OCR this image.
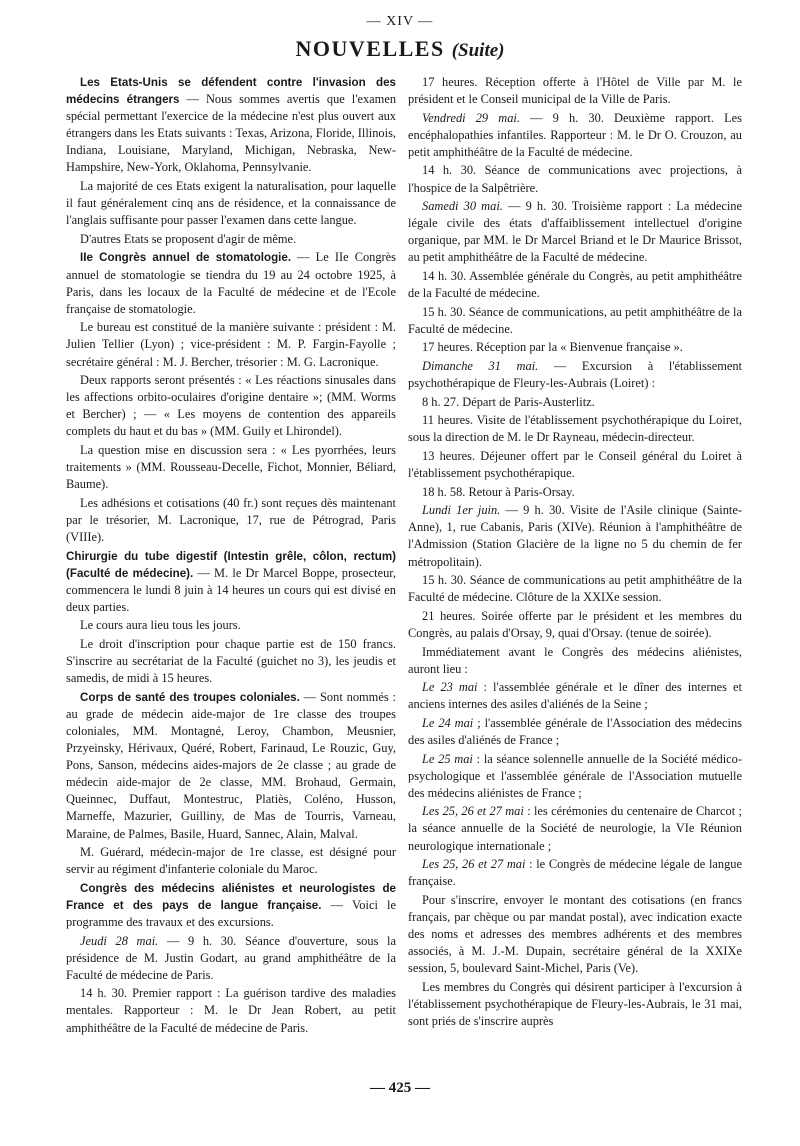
— XIV —
NOUVELLES (Suite)

Les Etats-Unis se défendent contre l'invasion des médecins étrangers — Nous sommes avertis que l'examen spécial permettant l'exercice de la médecine n'est plus ouvert aux étrangers dans les Etats suivants : Texas, Arizona, Floride, Illinois, Indiana, Louisiane, Maryland, Michigan, Nebraska, New-Hampshire, New-York, Oklahoma, Pennsylvanie.

La majorité de ces Etats exigent la naturalisation, pour laquelle il faut généralement cinq ans de résidence, et la connaissance de l'anglais suffisante pour passer l'examen dans cette langue.

D'autres Etats se proposent d'agir de même.

IIe Congrès annuel de stomatologie. — Le IIe Congrès annuel de stomatologie se tiendra du 19 au 24 octobre 1925, à Paris, dans les locaux de la Faculté de médecine et de l'Ecole française de stomatologie.

Le bureau est constitué de la manière suivante : président : M. Julien Tellier (Lyon) ; vice-président : M. P. Fargin-Fayolle ; secrétaire général : M. J. Bercher, trésorier : M. G. Lacronique.

Deux rapports seront présentés : « Les réactions sinusales dans les affections orbito-oculaires d'origine dentaire »; (MM. Worms et Bercher) ; — « Les moyens de contention des appareils complets du haut et du bas » (MM. Guily et Lhirondel).

La question mise en discussion sera : « Les pyorrhées, leurs traitements » (MM. Rousseau-Decelle, Fichot, Monnier, Béliard, Baume).

Les adhésions et cotisations (40 fr.) sont reçues dès maintenant par le trésorier, M. Lacronique, 17, rue de Pétrograd, Paris (VIIIe).

Chirurgie du tube digestif (Intestin grêle, côlon, rectum) (Faculté de médecine). — M. le Dr Marcel Boppe, prosecteur, commencera le lundi 8 juin à 14 heures un cours qui est divisé en deux parties.

Le cours aura lieu tous les jours.

Le droit d'inscription pour chaque partie est de 150 francs. S'inscrire au secrétariat de la Faculté (guichet no 3), les jeudis et samedis, de midi à 15 heures.

Corps de santé des troupes coloniales. — Sont nommés : au grade de médecin aide-major de 1re classe des troupes coloniales, MM. Montagné, Leroy, Chambon, Meusnier, Przyeinsky, Hérivaux, Quéré, Robert, Farinaud, Le Rouzic, Guy, Pons, Sanson, médecins aides-majors de 2e classe ; au grade de médecin aide-major de 2e classe, MM. Brohaud, Germain, Queinnec, Duffaut, Montestruc, Platiès, Coléno, Husson, Marneffe, Mazurier, Guilliny, de Mas de Tourris, Varneau, Maraine, de Palmes, Basile, Huard, Sannec, Alain, Malval.

M. Guérard, médecin-major de 1re classe, est désigné pour servir au régiment d'infanterie coloniale du Maroc.

Congrès des médecins aliénistes et neurologistes de France et des pays de langue française. — Voici le programme des travaux et des excursions.

Jeudi 28 mai. — 9 h. 30. Séance d'ouverture, sous la présidence de M. Justin Godart, au grand amphithéâtre de la Faculté de médecine de Paris.

14 h. 30. Premier rapport : La guérison tardive des maladies mentales. Rapporteur : M. le Dr Jean Robert, au petit amphithéâtre de la Faculté de médecine de Paris.

17 heures. Réception offerte à l'Hôtel de Ville par M. le président et le Conseil municipal de la Ville de Paris.

Vendredi 29 mai. — 9 h. 30. Deuxième rapport. Les encéphalopathies infantiles. Rapporteur : M. le Dr O. Crouzon, au petit amphithéâtre de la Faculté de médecine.

14 h. 30. Séance de communications avec projections, à l'hospice de la Salpêtrière.

Samedi 30 mai. — 9 h. 30. Troisième rapport : La médecine légale civile des états d'affaiblissement intellectuel d'origine organique, par MM. le Dr Marcel Briand et le Dr Maurice Brissot, au petit amphithéâtre de la Faculté de médecine.

14 h. 30. Assemblée générale du Congrès, au petit amphithéâtre de la Faculté de médecine.

15 h. 30. Séance de communications, au petit amphithéâtre de la Faculté de médecine.

17 heures. Réception par la « Bienvenue française ».

Dimanche 31 mai. — Excursion à l'établissement psychothérapique de Fleury-les-Aubrais (Loiret) :

8 h. 27. Départ de Paris-Austerlitz.

11 heures. Visite de l'établissement psychothérapique du Loiret, sous la direction de M. le Dr Rayneau, médecin-directeur.

13 heures. Déjeuner offert par le Conseil général du Loiret à l'établissement psychothérapique.

18 h. 58. Retour à Paris-Orsay.

Lundi 1er juin. — 9 h. 30. Visite de l'Asile clinique (Sainte-Anne), 1, rue Cabanis, Paris (XIVe). Réunion à l'amphithéâtre de l'Admission (Station Glacière de la ligne no 5 du chemin de fer métropolitain).

15 h. 30. Séance de communications au petit amphithéâtre de la Faculté de médecine. Clôture de la XXIXe session.

21 heures. Soirée offerte par le président et les membres du Congrès, au palais d'Orsay, 9, quai d'Orsay. (tenue de soirée).

Immédiatement avant le Congrès des médecins aliénistes, auront lieu :

Le 23 mai : l'assemblée générale et le dîner des internes et anciens internes des asiles d'aliénés de la Seine ;

Le 24 mai ; l'assemblée générale de l'Association des médecins des asiles d'aliénés de France ;

Le 25 mai : la séance solennelle annuelle de la Société médico-psychologique et l'assemblée générale de l'Association mutuelle des médecins aliénistes de France ;

Les 25, 26 et 27 mai : les cérémonies du centenaire de Charcot ; la séance annuelle de la Société de neurologie, la VIe Réunion neurologique internationale ;

Les 25, 26 et 27 mai : le Congrès de médecine légale de langue française.

Pour s'inscrire, envoyer le montant des cotisations (en francs français, par chèque ou par mandat postal), avec indication exacte des noms et adresses des membres adhérents et des membres associés, à M. J.-M. Dupain, secrétaire général de la XXIXe session, 5, boulevard Saint-Michel, Paris (Ve).

Les membres du Congrès qui désirent participer à l'excursion à l'établissement psychothérapique de Fleury-les-Aubrais, le 31 mai, sont priés de s'inscrire auprès

— 425 —
